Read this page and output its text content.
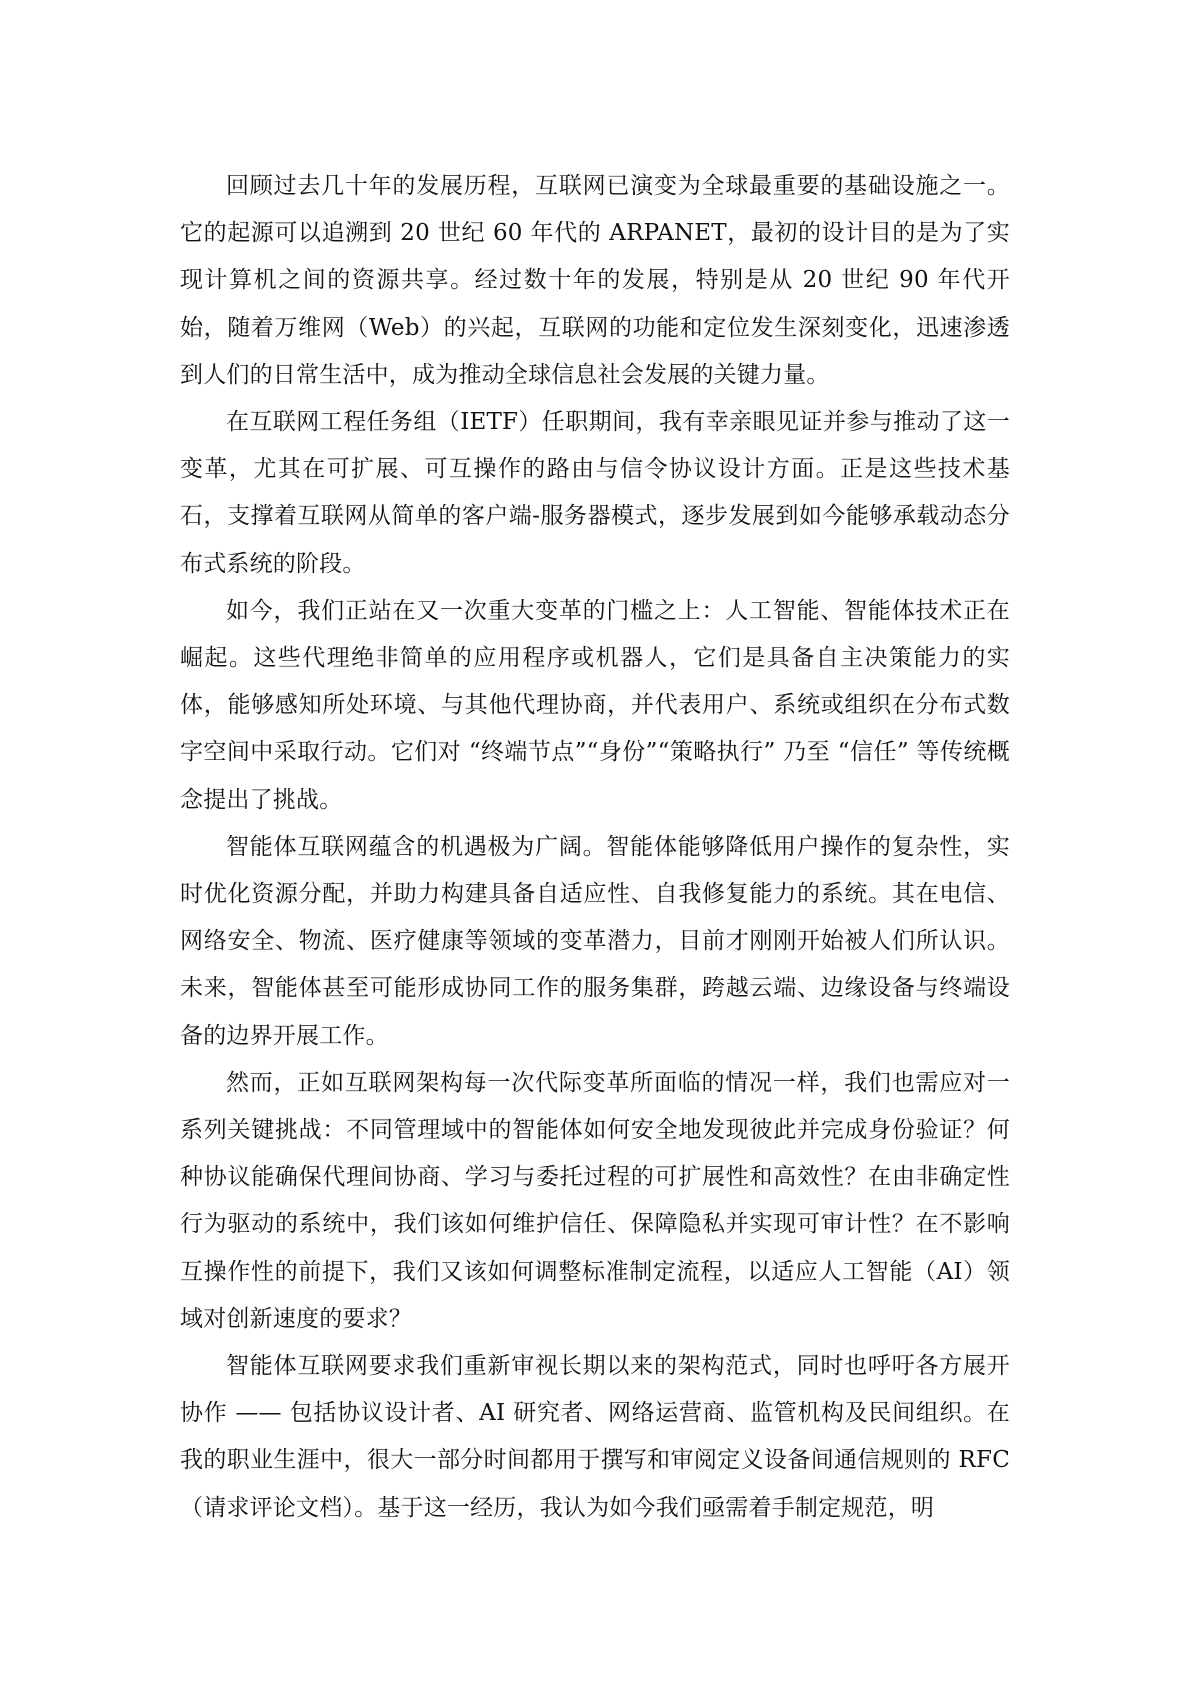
回顾过去几十年的发展历程，互联网已演变为全球最重要的基础设施之一。它的起源可以追溯到 20 世纪 60 年代的 ARPANET，最初的设计目的是为了实现计算机之间的资源共享。经过数十年的发展，特别是从 20 世纪 90 年代开始，随着万维网（Web）的兴起，互联网的功能和定位发生深刻变化，迅速渗透到人们的日常生活中，成为推动全球信息社会发展的关键力量。

在互联网工程任务组（IETF）任职期间，我有幸亲眼见证并参与推动了这一变革，尤其在可扩展、可互操作的路由与信令协议设计方面。正是这些技术基石，支撑着互联网从简单的客户端-服务器模式，逐步发展到如今能够承载动态分布式系统的阶段。

如今，我们正站在又一次重大变革的门槛之上：人工智能、智能体技术正在崛起。这些代理绝非简单的应用程序或机器人，它们是具备自主决策能力的实体，能够感知所处环境、与其他代理协商，并代表用户、系统或组织在分布式数字空间中采取行动。它们对 “终端节点”“身份”“策略执行” 乃至 “信任” 等传统概念提出了挑战。

智能体互联网蕴含的机遇极为广阔。智能体能够降低用户操作的复杂性，实时优化资源分配，并助力构建具备自适应性、自我修复能力的系统。其在电信、网络安全、物流、医疗健康等领域的变革潜力，目前才刚刚开始被人们所认识。未来，智能体甚至可能形成协同工作的服务集群，跨越云端、边缘设备与终端设备的边界开展工作。

然而，正如互联网架构每一次代际变革所面临的情况一样，我们也需应对一系列关键挑战：不同管理域中的智能体如何安全地发现彼此并完成身份验证？何种协议能确保代理间协商、学习与委托过程的可扩展性和高效性？在由非确定性行为驱动的系统中，我们该如何维护信任、保障隐私并实现可审计性？在不影响互操作性的前提下，我们又该如何调整标准制定流程，以适应人工智能（AI）领域对创新速度的要求？

智能体互联网要求我们重新审视长期以来的架构范式，同时也呼吁各方展开协作 —— 包括协议设计者、AI 研究者、网络运营商、监管机构及民间组织。在我的职业生涯中，很大一部分时间都用于撰写和审阅定义设备间通信规则的 RFC（请求评论文档）。基于这一经历，我认为如今我们亟需着手制定规范，明
